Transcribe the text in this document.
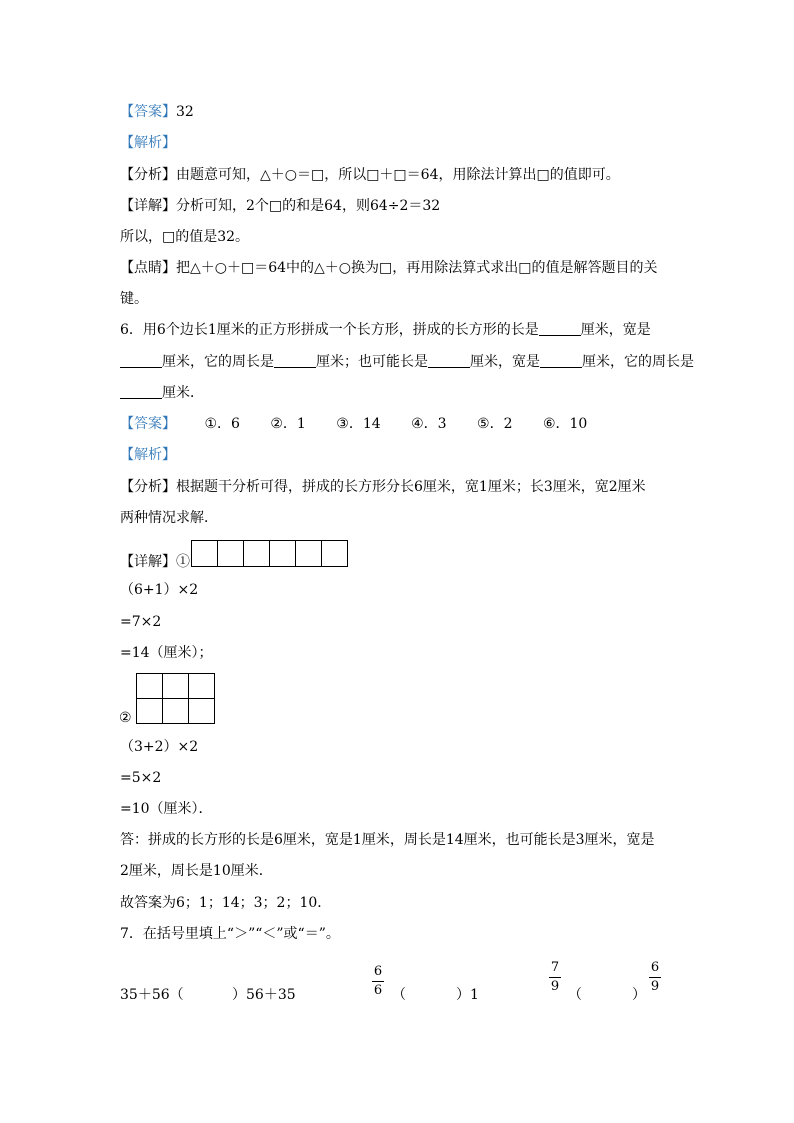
【答案】32
【解析】
【分析】由题意可知，△＋○＝□，所以□＋□＝64，用除法计算出□的值即可。
【详解】分析可知，2个□的和是64，则64÷2＝32
所以，□的值是32。
【点睛】把△＋○＋□＝64中的△＋○换为□，再用除法算式求出□的值是解答题目的关
键。
6．用6个边长1厘米的正方形拼成一个长方形，拼成的长方形的长是	厘米，宽是
厘米，它的周长是	厘米；也可能长是	厘米，宽是	厘米，它的周长是
厘米．
【答案】 ①．6 ②．1 ③．14 ④．3 ⑤．2 ⑥．10
【解析】
【分析】根据题干分析可得，拼成的长方形分长6厘米，宽1厘米；长3厘米，宽2厘米
两种情况求解．
【详解】①

（6+1）×2
=7×2
=14（厘米）；

②
（3+2）×2
=5×2
=10（厘米）．
答：拼成的长方形的长是6厘米，宽是1厘米，周长是14厘米，也可能长是3厘米，宽是
2厘米，周长是10厘米．
故答案为6；1；14；3；2；10．
7．在括号里填上“＞”“＜”或“＝”。
35＋56（	）56＋35
6
6 （	）1
7
9
（	）
6
9
